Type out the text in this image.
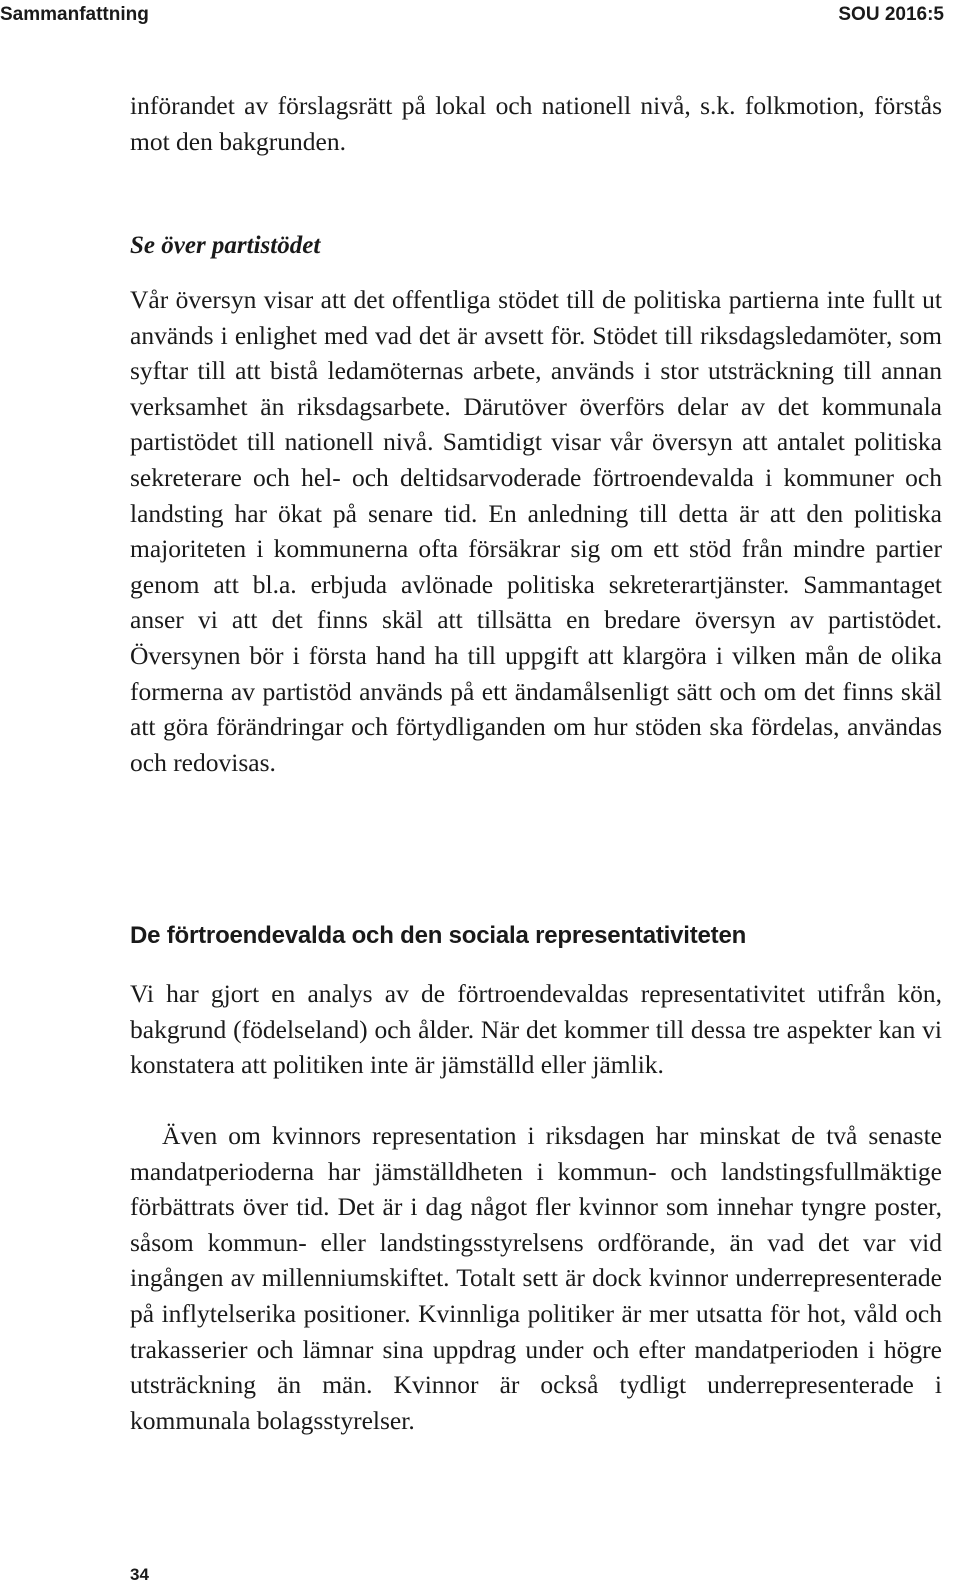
Sammanfattning	SOU 2016:5

införandet av förslagsrätt på lokal och nationell nivå, s.k. folkmotion, förstås mot den bakgrunden.

Se över partistödet

Vår översyn visar att det offentliga stödet till de politiska partierna inte fullt ut används i enlighet med vad det är avsett för. Stödet till riksdagsledamöter, som syftar till att bistå ledamöternas arbete, används i stor utsträckning till annan verksamhet än riksdagsarbete. Därutöver överförs delar av det kommunala partistödet till nationell nivå. Samtidigt visar vår översyn att antalet politiska sekreterare och hel- och deltidsarvoderade förtroendevalda i kommuner och landsting har ökat på senare tid. En anledning till detta är att den politiska majoriteten i kommunerna ofta försäkrar sig om ett stöd från mindre partier genom att bl.a. erbjuda avlönade politiska sekreterartjänster. Sammantaget anser vi att det finns skäl att tillsätta en bredare översyn av partistödet. Översynen bör i första hand ha till uppgift att klargöra i vilken mån de olika formerna av partistöd används på ett ändamålsenligt sätt och om det finns skäl att göra förändringar och förtydliganden om hur stöden ska fördelas, användas och redovisas.

De förtroendevalda och den sociala representativiteten

Vi har gjort en analys av de förtroendevaldas representativitet utifrån kön, bakgrund (födelseland) och ålder. När det kommer till dessa tre aspekter kan vi konstatera att politiken inte är jämställd eller jämlik.

Även om kvinnors representation i riksdagen har minskat de två senaste mandatperioderna har jämställdheten i kommun- och landstingsfullmäktige förbättrats över tid. Det är i dag något fler kvinnor som innehar tyngre poster, såsom kommun- eller landstingsstyrelsens ordförande, än vad det var vid ingången av millenniumskiftet. Totalt sett är dock kvinnor underrepresenterade på inflytelserika positioner. Kvinnliga politiker är mer utsatta för hot, våld och trakasserier och lämnar sina uppdrag under och efter mandatperioden i högre utsträckning än män. Kvinnor är också tydligt underrepresenterade i kommunala bolagsstyrelser.

34
